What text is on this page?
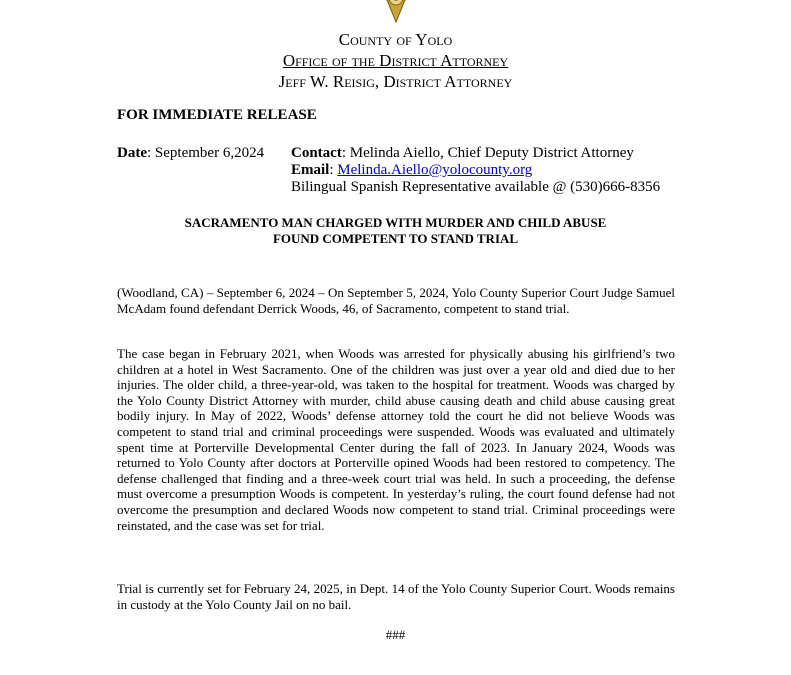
County of Yolo
Office of the District Attorney
Jeff W. Reisig, District Attorney
FOR IMMEDIATE RELEASE
Date: September 6,2024 Contact: Melinda Aiello, Chief Deputy District Attorney
Email: Melinda.Aiello@yolocounty.org
Bilingual Spanish Representative available @ (530)666-8356
SACRAMENTO MAN CHARGED WITH MURDER AND CHILD ABUSE
FOUND COMPETENT TO STAND TRIAL
(Woodland, CA) – September 6, 2024 – On September 5, 2024, Yolo County Superior Court Judge Samuel McAdam found defendant Derrick Woods, 46, of Sacramento, competent to stand trial.
The case began in February 2021, when Woods was arrested for physically abusing his girlfriend’s two children at a hotel in West Sacramento. One of the children was just over a year old and died due to her injuries. The older child, a three-year-old, was taken to the hospital for treatment. Woods was charged by the Yolo County District Attorney with murder, child abuse causing death and child abuse causing great bodily injury. In May of 2022, Woods’ defense attorney told the court he did not believe Woods was competent to stand trial and criminal proceedings were suspended. Woods was evaluated and ultimately spent time at Porterville Developmental Center during the fall of 2023. In January 2024, Woods was returned to Yolo County after doctors at Porterville opined Woods had been restored to competency. The defense challenged that finding and a three-week court trial was held. In such a proceeding, the defense must overcome a presumption Woods is competent. In yesterday’s ruling, the court found defense had not overcome the presumption and declared Woods now competent to stand trial. Criminal proceedings were reinstated, and the case was set for trial.
Trial is currently set for February 24, 2025, in Dept. 14 of the Yolo County Superior Court. Woods remains in custody at the Yolo County Jail on no bail.
###
